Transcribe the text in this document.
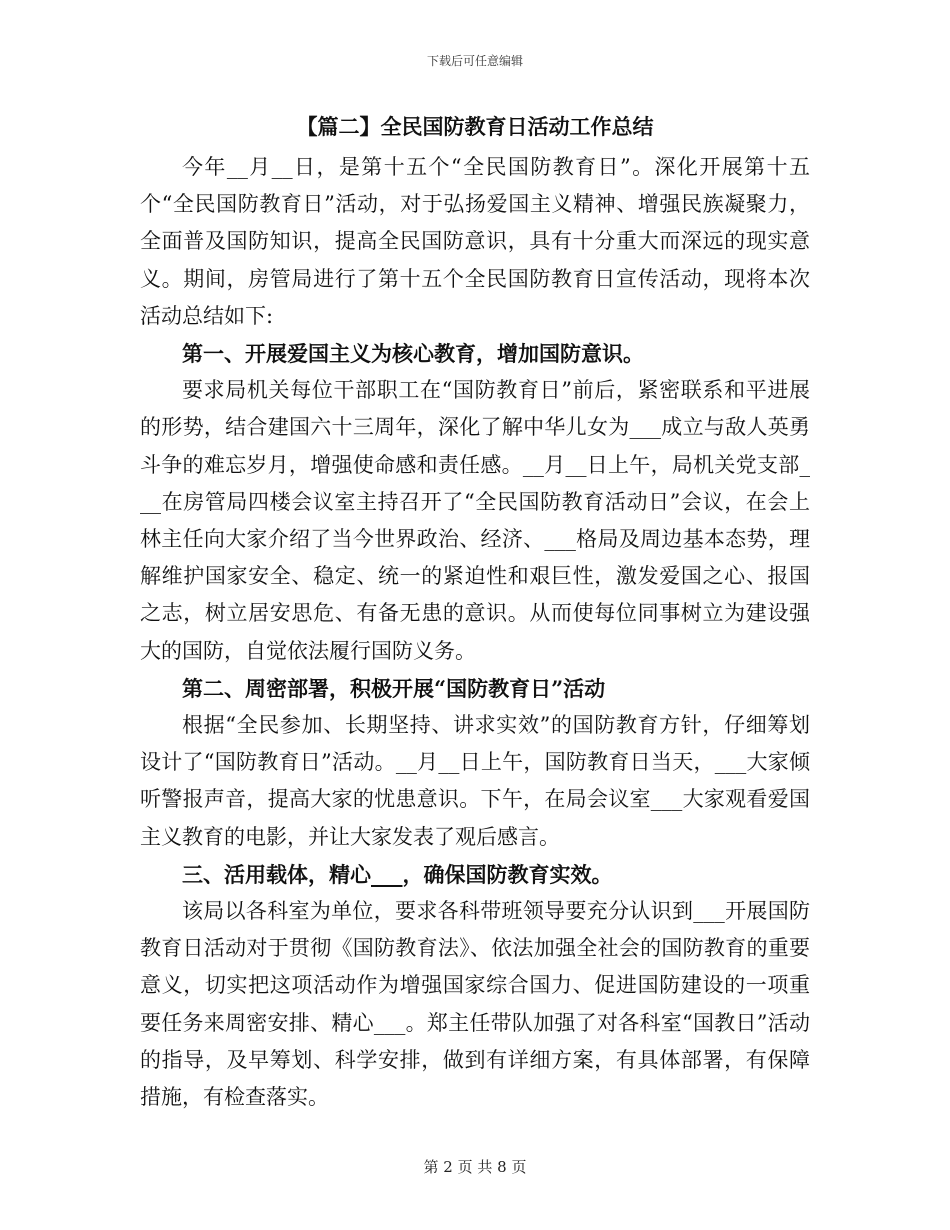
下载后可任意编辑
【篇二】全民国防教育日活动工作总结

今年__月__日，是第十五个“全民国防教育日”。深化开展第十五个“全民国防教育日”活动，对于弘扬爱国主义精神、增强民族凝聚力，全面普及国防知识，提高全民国防意识，具有十分重大而深远的现实意义。期间，房管局进行了第十五个全民国防教育日宣传活动，现将本次活动总结如下:

第一、开展爱国主义为核心教育，增加国防意识。

要求局机关每位干部职工在“国防教育日”前后，紧密联系和平进展的形势，结合建国六十三周年，深化了解中华儿女为___成立与敌人英勇斗争的难忘岁月，增强使命感和责任感。__月__日上午，局机关党支部___在房管局四楼会议室主持召开了“全民国防教育活动日”会议，在会上林主任向大家介绍了当今世界政治、经济、___格局及周边基本态势，理解维护国家安全、稳定、统一的紧迫性和艰巨性，激发爱国之心、报国之志，树立居安思危、有备无患的意识。从而使每位同事树立为建设强大的国防，自觉依法履行国防义务。

第二、周密部署，积极开展“国防教育日”活动

根据“全民参加、长期坚持、讲求实效”的国防教育方针，仔细筹划设计了“国防教育日”活动。__月__日上午，国防教育日当天，___大家倾听警报声音，提高大家的忧患意识。下午，在局会议室___大家观看爱国主义教育的电影，并让大家发表了观后感言。

三、活用载体，精心___，确保国防教育实效。

该局以各科室为单位，要求各科带班领导要充分认识到___开展国防教育日活动对于贯彻《国防教育法》、依法加强全社会的国防教育的重要意义，切实把这项活动作为增强国家综合国力、促进国防建设的一项重要任务来周密安排、精心___。郑主任带队加强了对各科室“国教日”活动的指导，及早筹划、科学安排，做到有详细方案，有具体部署，有保障措施，有检查落实。

第 2 页 共 8 页
